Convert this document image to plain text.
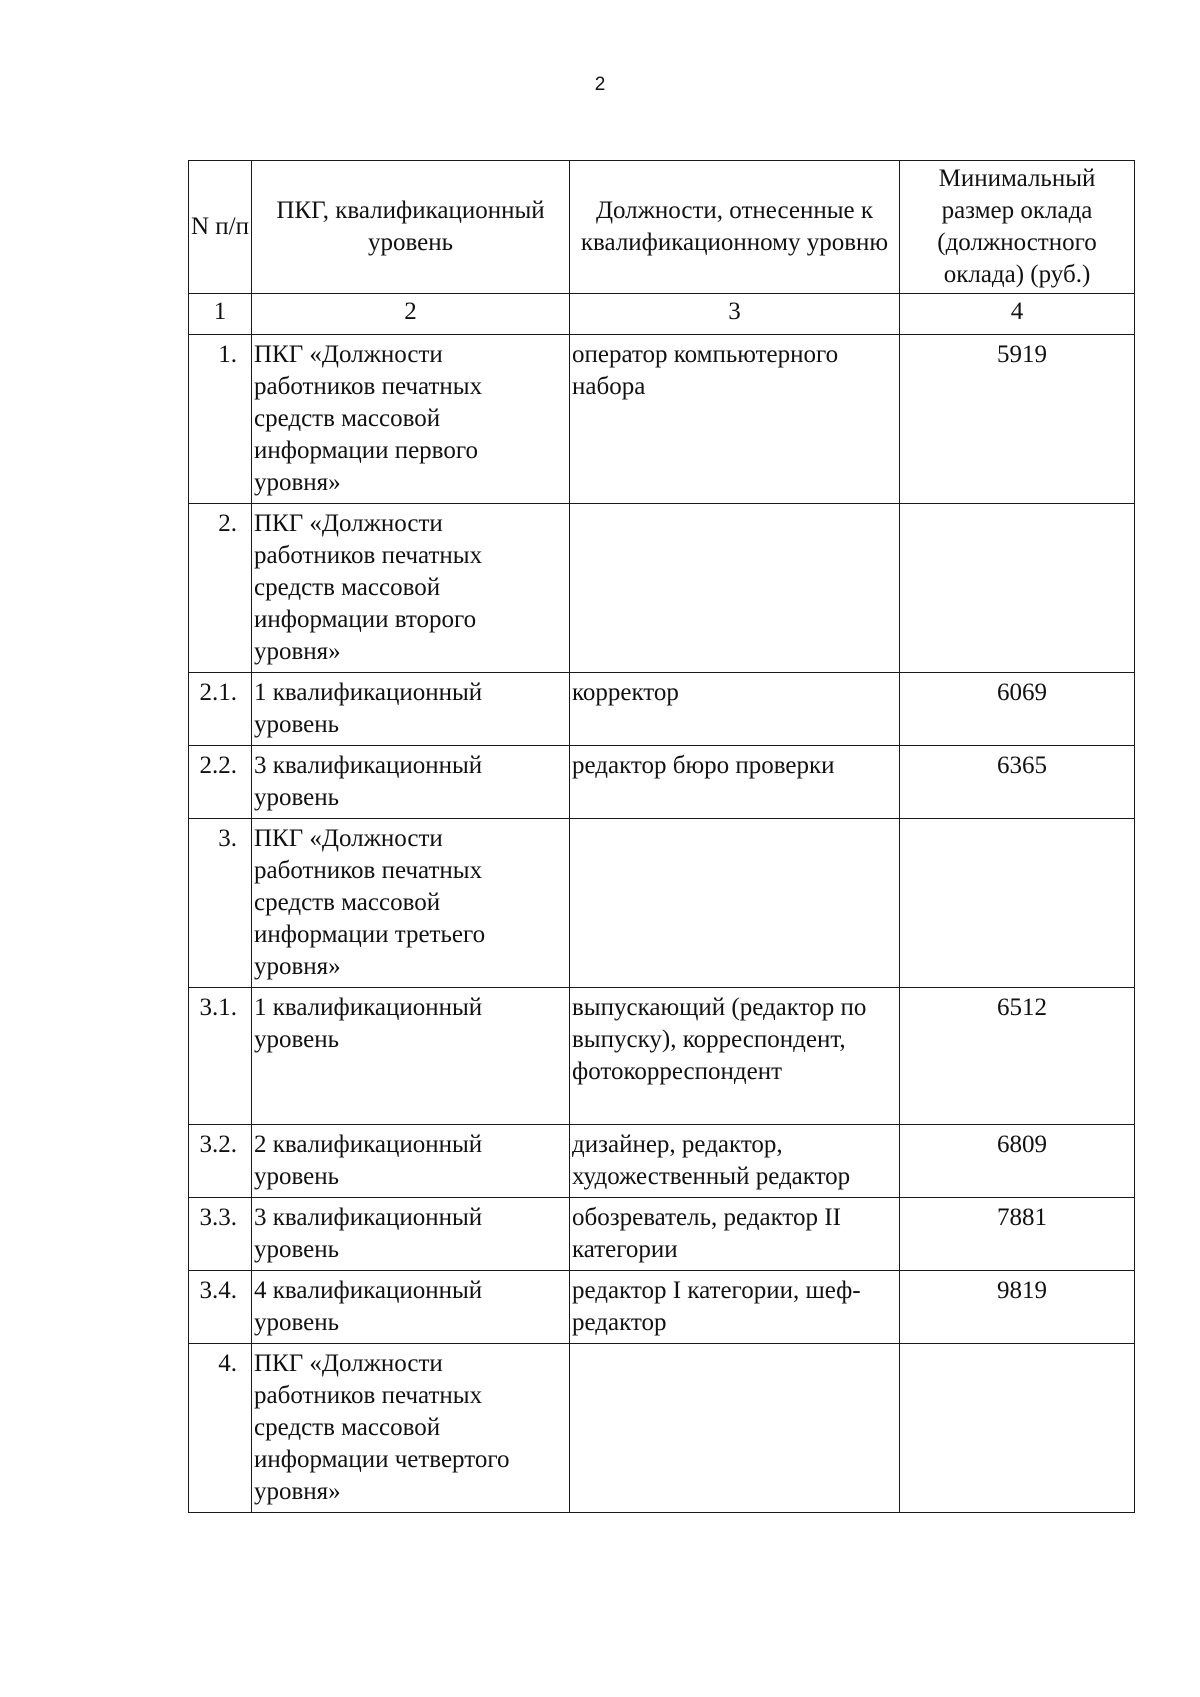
2
N п/п	ПКГ, квалификационный уровень	Должности, отнесенные к квалификационному уровню	Минимальный размер оклада (должностного оклада) (руб.)
1	2	3	4
1.	ПКГ «Должности работников печатных средств массовой информации первого уровня»	оператор компьютерного набора	5919
2.	ПКГ «Должности работников печатных средств массовой информации второго уровня»		
2.1.	1 квалификационный уровень	корректор	6069
2.2.	3 квалификационный уровень	редактор бюро проверки	6365
3.	ПКГ «Должности работников печатных средств массовой информации третьего уровня»		
3.1.	1 квалификационный уровень	выпускающий (редактор по выпуску), корреспондент, фотокорреспондент	6512
3.2.	2 квалификационный уровень	дизайнер, редактор, художественный редактор	6809
3.3.	3 квалификационный уровень	обозреватель, редактор II категории	7881
3.4.	4 квалификационный уровень	редактор I категории, шеф-редактор	9819
4.	ПКГ «Должности работников печатных средств массовой информации четвертого уровня»		
